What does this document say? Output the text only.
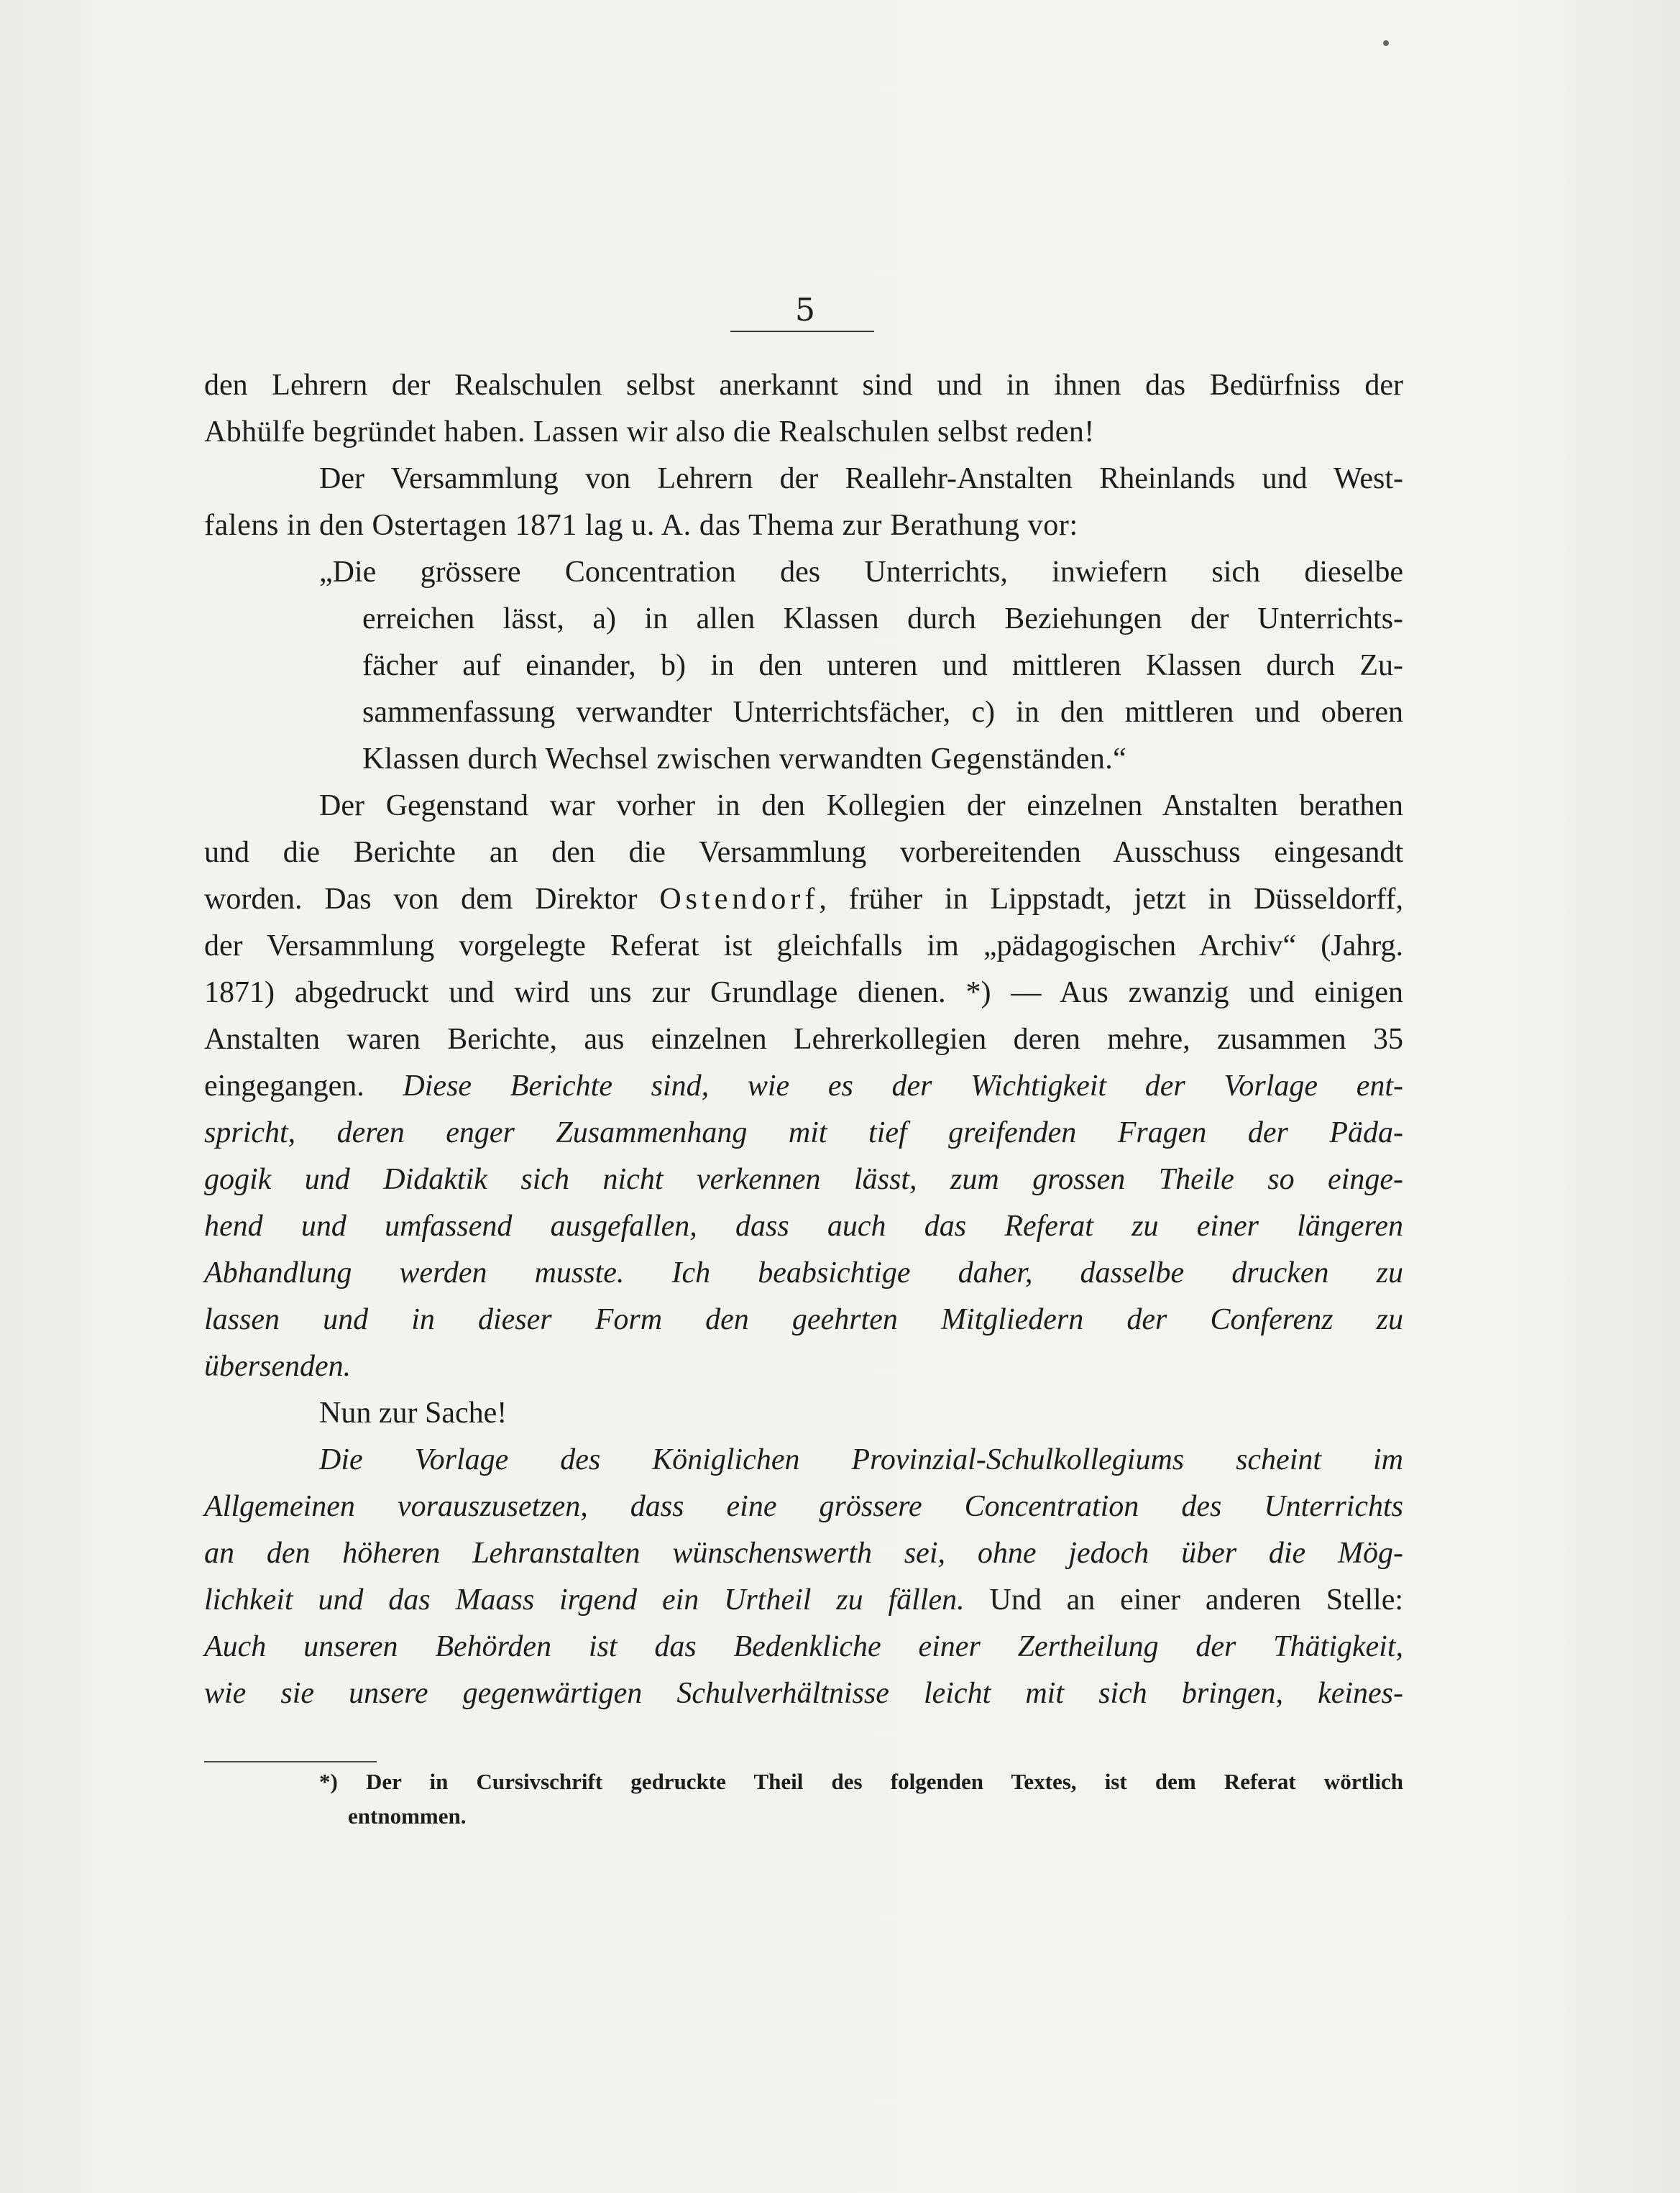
5
den Lehrern der Realschulen selbst anerkannt sind und in ihnen das Bedürfniss der
Abhülfe begründet haben. Lassen wir also die Realschulen selbst reden!
Der Versammlung von Lehrern der Reallehr-Anstalten Rheinlands und West-
falens in den Ostertagen 1871 lag u. A. das Thema zur Berathung vor:
„Die grössere Concentration des Unterrichts, inwiefern sich dieselbe
erreichen lässt, a) in allen Klassen durch Beziehungen der Unterrichts-
fächer auf einander, b) in den unteren und mittleren Klassen durch Zu-
sammenfassung verwandter Unterrichtsfächer, c) in den mittleren und oberen
Klassen durch Wechsel zwischen verwandten Gegenständen.“
Der Gegenstand war vorher in den Kollegien der einzelnen Anstalten berathen
und die Berichte an den die Versammlung vorbereitenden Ausschuss eingesandt
worden. Das von dem Direktor Ostendorf, früher in Lippstadt, jetzt in Düsseldorff,
der Versammlung vorgelegte Referat ist gleichfalls im „pädagogischen Archiv“ (Jahrg.
1871) abgedruckt und wird uns zur Grundlage dienen. *) — Aus zwanzig und einigen
Anstalten waren Berichte, aus einzelnen Lehrerkollegien deren mehre, zusammen 35
eingegangen. Diese Berichte sind, wie es der Wichtigkeit der Vorlage ent-
spricht, deren enger Zusammenhang mit tief greifenden Fragen der Päda-
gogik und Didaktik sich nicht verkennen lässt, zum grossen Theile so einge-
hend und umfassend ausgefallen, dass auch das Referat zu einer längeren
Abhandlung werden musste. Ich beabsichtige daher, dasselbe drucken zu
lassen und in dieser Form den geehrten Mitgliedern der Conferenz zu
übersenden.
Nun zur Sache!
Die Vorlage des Königlichen Provinzial-Schulkollegiums scheint im
Allgemeinen vorauszusetzen, dass eine grössere Concentration des Unterrichts
an den höheren Lehranstalten wünschenswerth sei, ohne jedoch über die Mög-
lichkeit und das Maass irgend ein Urtheil zu fällen. Und an einer anderen Stelle:
Auch unseren Behörden ist das Bedenkliche einer Zertheilung der Thätigkeit,
wie sie unsere gegenwärtigen Schulverhältnisse leicht mit sich bringen, keines-
*) Der in Cursivschrift gedruckte Theil des folgenden Textes, ist dem Referat wörtlich
entnommen.
